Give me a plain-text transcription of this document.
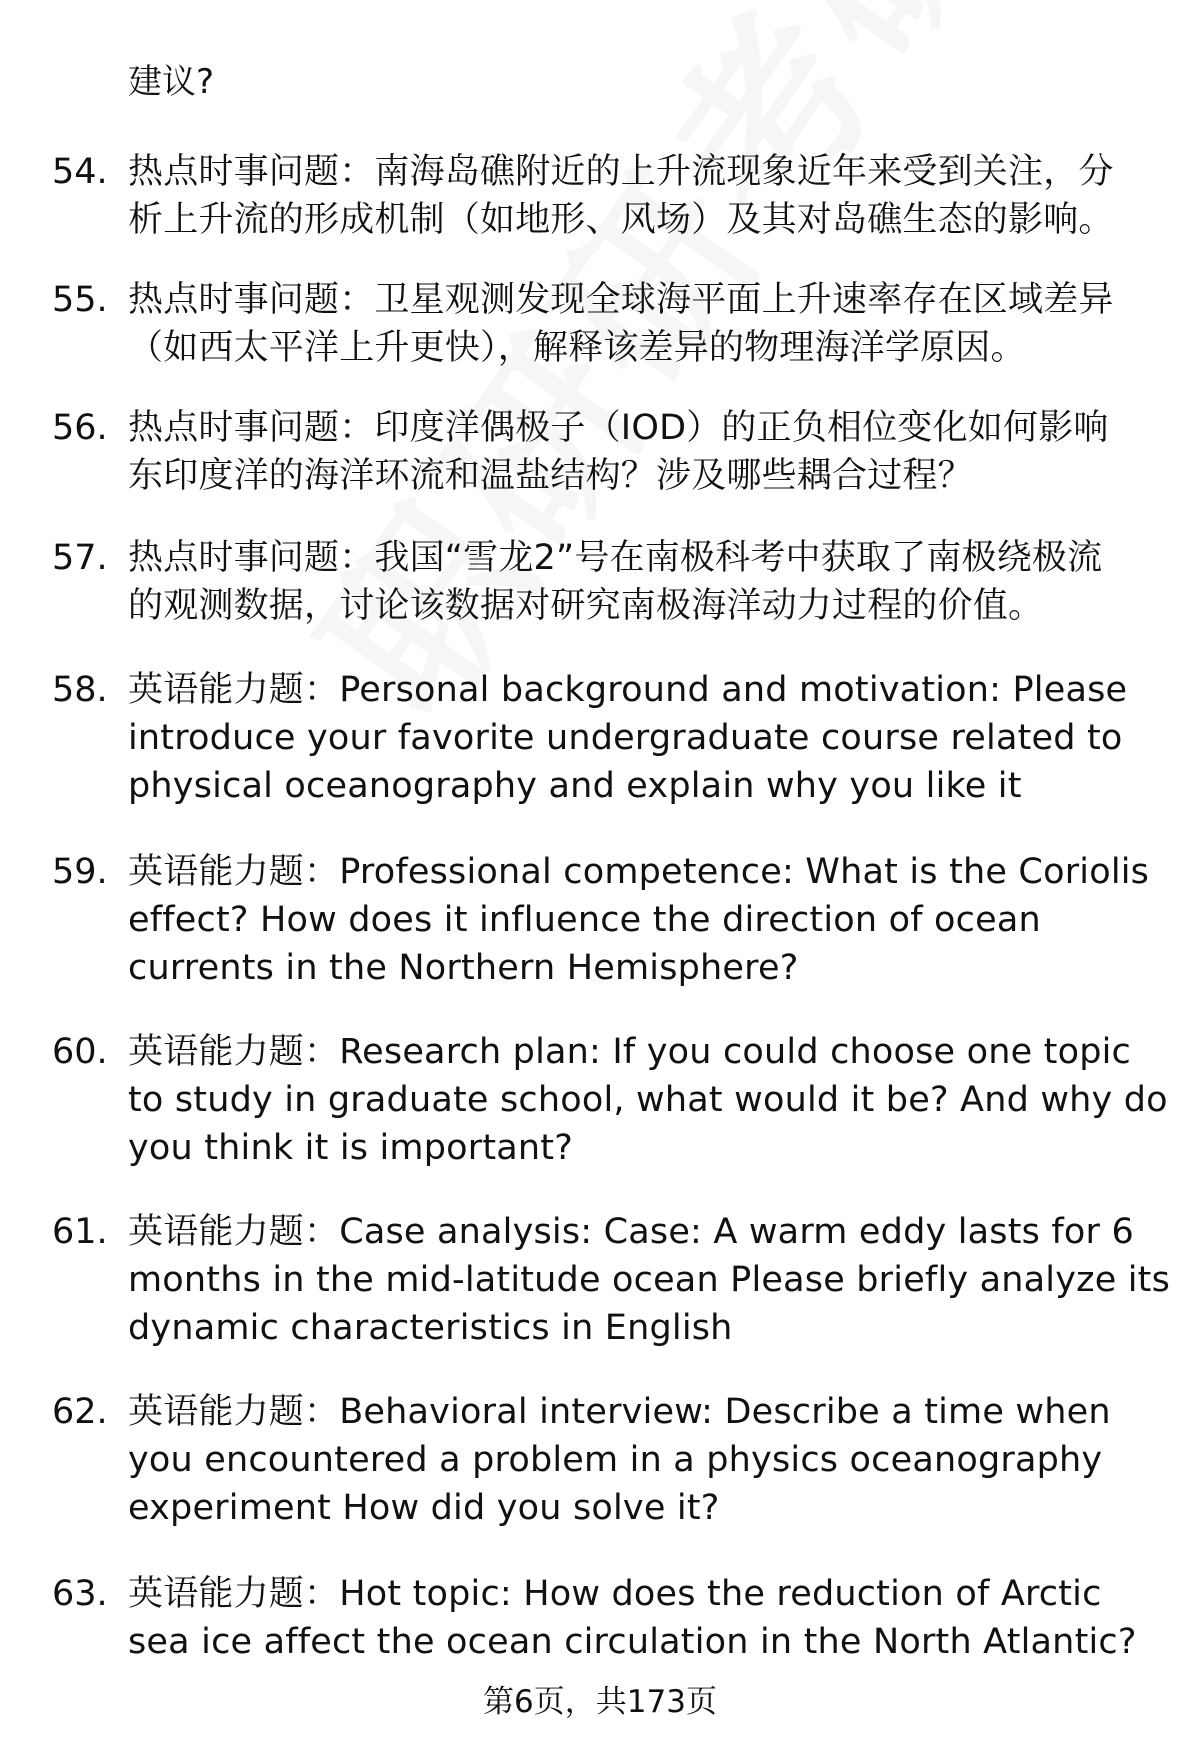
建议?
54. 热点时事问题：南海岛礁附近的上升流现象近年来受到关注，分
析上升流的形成机制（如地形、风场）及其对岛礁生态的影响。
55. 热点时事问题：卫星观测发现全球海平面上升速率存在区域差异
（如西太平洋上升更快），解释该差异的物理海洋学原因。
56. 热点时事问题：印度洋偶极子（IOD）的正负相位变化如何影响
东印度洋的海洋环流和温盐结构？涉及哪些耦合过程？
57. 热点时事问题：我国“雪龙2”号在南极科考中获取了南极绕极流
的观测数据，讨论该数据对研究南极海洋动力过程的价值。
58. 英语能力题：Personal background and motivation: Please
introduce your favorite undergraduate course related to
physical oceanography and explain why you like it
59. 英语能力题：Professional competence: What is the Coriolis
effect? How does it influence the direction of ocean
currents in the Northern Hemisphere?
60. 英语能力题：Research plan: If you could choose one topic
to study in graduate school, what would it be? And why do
you think it is important?
61. 英语能力题：Case analysis: Case: A warm eddy lasts for 6
months in the mid-latitude ocean Please briefly analyze its
dynamic characteristics in English
62. 英语能力题：Behavioral interview: Describe a time when
you encountered a problem in a physics oceanography
experiment How did you solve it?
63. 英语能力题：Hot topic: How does the reduction of Arctic
sea ice affect the ocean circulation in the North Atlantic?
第6页，共173页
